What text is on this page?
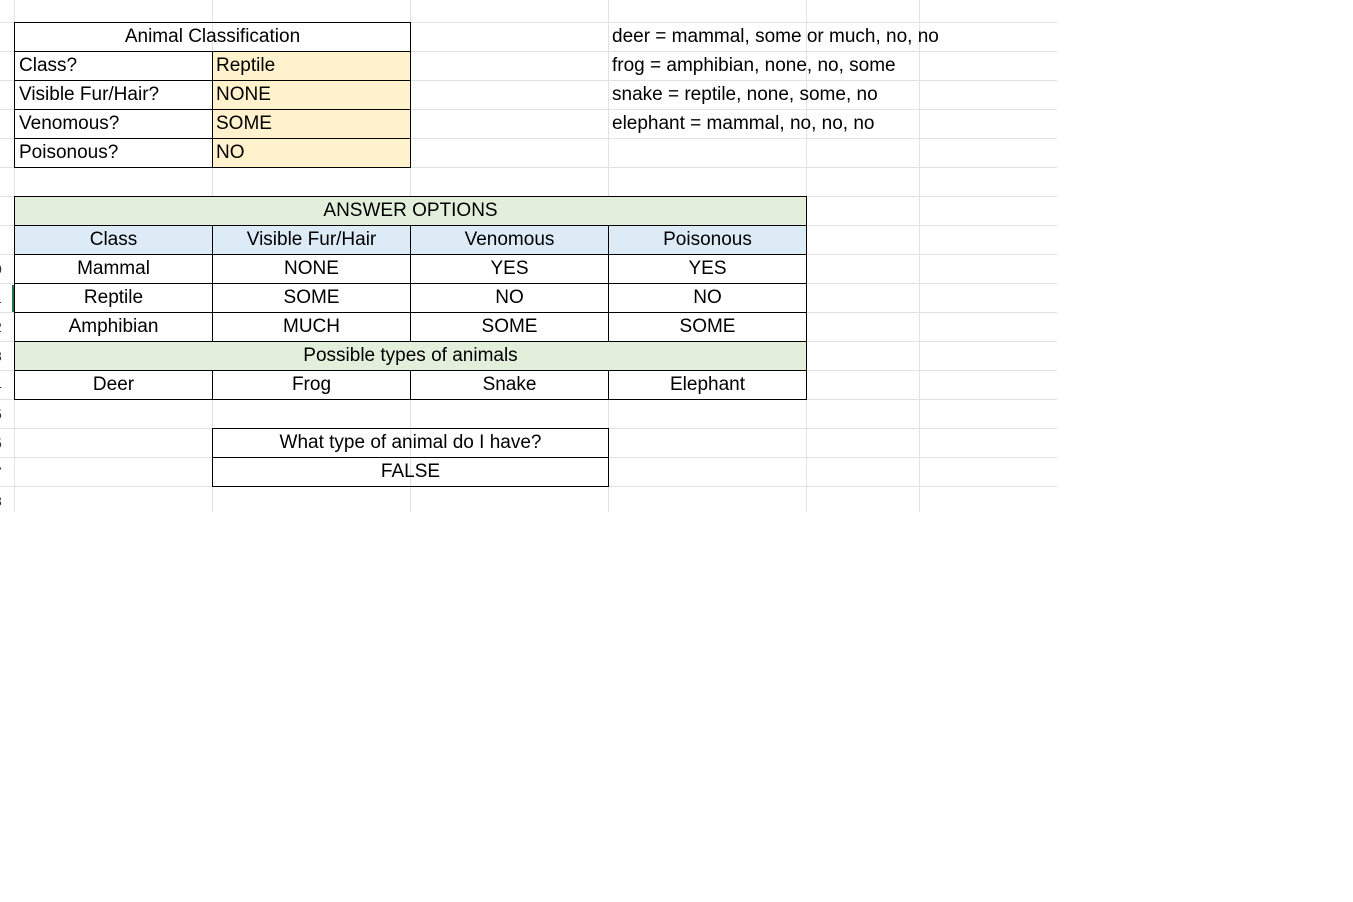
Animal Classification
Class?	Reptile
Visible Fur/Hair?	NONE
Venomous?	SOME
Poisonous?	NO
deer = mammal, some or much, no, no
frog = amphibian, none, no, some
snake = reptile, none, some, no
elephant = mammal, no, no, no
ANSWER OPTIONS
Class	Visible Fur/Hair	Venomous	Poisonous
Mammal	NONE	YES	YES
Reptile	SOME	NO	NO
Amphibian	MUCH	SOME	SOME
Possible types of animals
Deer	Frog	Snake	Elephant
What type of animal do I have?
FALSE
